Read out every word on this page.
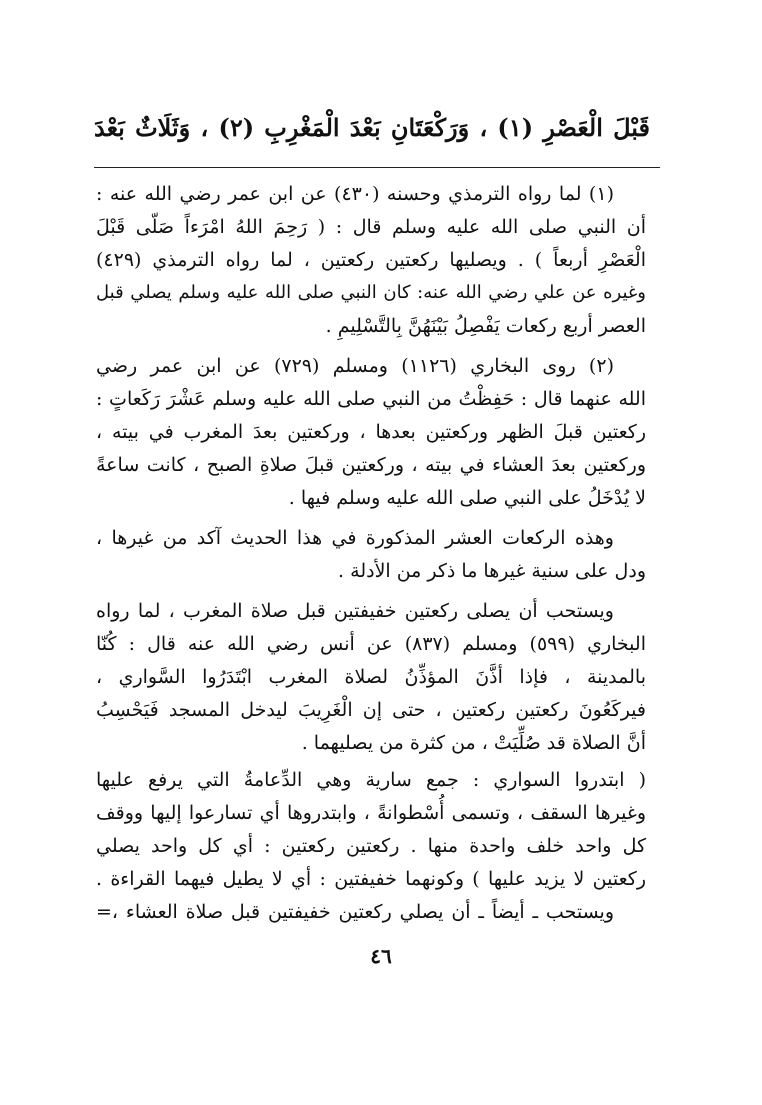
قَبْلَ الْعَصْرِ (١) ، وَرَكْعَتَانِ بَعْدَ الْمَغْرِبِ (٢) ، وَثَلَاثٌ بَعْدَ
(١) لما رواه الترمذي وحسنه (٤٣٠) عن ابن عمر رضي الله عنه :
أن النبي صلى الله عليه وسلم قال : ( رَحِمَ اللهُ امْرَءاً صَلّى قَبْلَ
الْعَصْرِ أربعاً ) . ويصليها ركعتين ركعتين ، لما رواه الترمذي (٤٢٩)
وغيره عن علي رضي الله عنه: كان النبي صلى الله عليه وسلم يصلي قبل
العصر أربع ركعات يَفْصِلُ بَيْنَهُنَّ بِالتَّسْلِيمِ .
(٢) روى البخاري (١١٢٦) ومسلم (٧٢٩) عن ابن عمر رضي
الله عنهما قال : حَفِظْتُ من النبي صلى الله عليه وسلم عَشْرَ رَكَعاتٍ :
ركعتين قبلَ الظهر وركعتين بعدها ، وركعتين بعدَ المغرب في بيته ،
وركعتين بعدَ العشاء في بيته ، وركعتين قبلَ صلاةِ الصبح ، كانت ساعةً
لا يُدْخَلُ على النبي صلى الله عليه وسلم فيها .
وهذه الركعات العشر المذكورة في هذا الحديث آكد من غيرها ،
ودل على سنية غيرها ما ذكر من الأدلة .
ويستحب أن يصلى ركعتين خفيفتين قبل صلاة المغرب ، لما رواه
البخاري (٥٩٩) ومسلم (٨٣٧) عن أنس رضي الله عنه قال : كُنّا
بالمدينة ، فإذا أذَّنَ المؤذِّنُ لصلاة المغرب ابْتَدَرُوا السَّواري ،
فيركَعُونَ ركعتين ركعتين ، حتى إن الْغَرِيبَ ليدخل المسجد فَيَحْسِبُ
أنَّ الصلاة قد صُلِّيَتْ ، من كثرة من يصليهما .
( ابتدروا السواري : جمع سارية وهي الدِّعامةُ التي يرفع عليها
وغيرها السقف ، وتسمى أُسْطوانةً ، وابتدروها أي تسارعوا إليها ووقف
كل واحد خلف واحدة منها . ركعتين ركعتين : أي كل واحد يصلي
ركعتين لا يزيد عليها ) وكونهما خفيفتين : أي لا يطيل فيهما القراءة .
ويستحب ـ أيضاً ـ أن يصلي ركعتين خفيفتين قبل صلاة العشاء ،=
٤٦
